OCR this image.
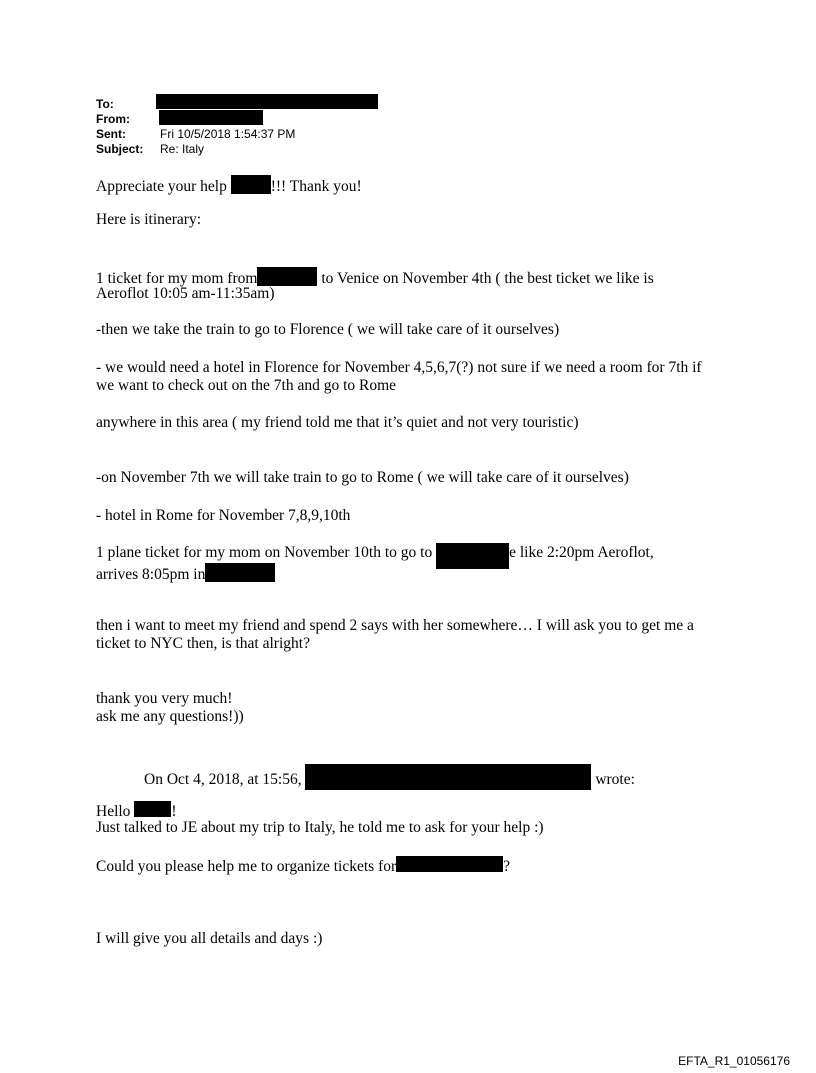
To:
From:
Sent:	Fri 10/5/2018 1:54:37 PM
Subject: Re: Italy
Appreciate your help	!!! Thank you!
Here is itinerary:
1 ticket for my mom from	to Venice on November 4th ( the best ticket we like is
Aeroflot 10:05 am-11:35am)
-then we take the train to go to Florence ( we will take care of it ourselves)
- we would need a hotel in Florence for November 4,5,6,7(?) not sure if we need a room for 7th if
we want to check out on the 7th and go to Rome
anywhere in this area ( my friend told me that it’s quiet and not very touristic)
-on November 7th we will take train to go to Rome ( we will take care of it ourselves)
- hotel in Rome for November 7,8,9,10th
1 plane ticket for my mom on November 10th to go to	e like 2:20pm Aeroflot,
arrives 8:05pm in
then i want to meet my friend and spend 2 says with her somewhere… I will ask you to get me a
ticket to NYC then, is that alright?
thank you very much!
ask me any questions!))
On Oct 4, 2018, at 15:56,	wrote:
Hello !
Just talked to JE about my trip to Italy, he told me to ask for your help :)
Could you please help me to organize tickets for	?
I will give you all details and days :)
EFTA_R1_01056176
